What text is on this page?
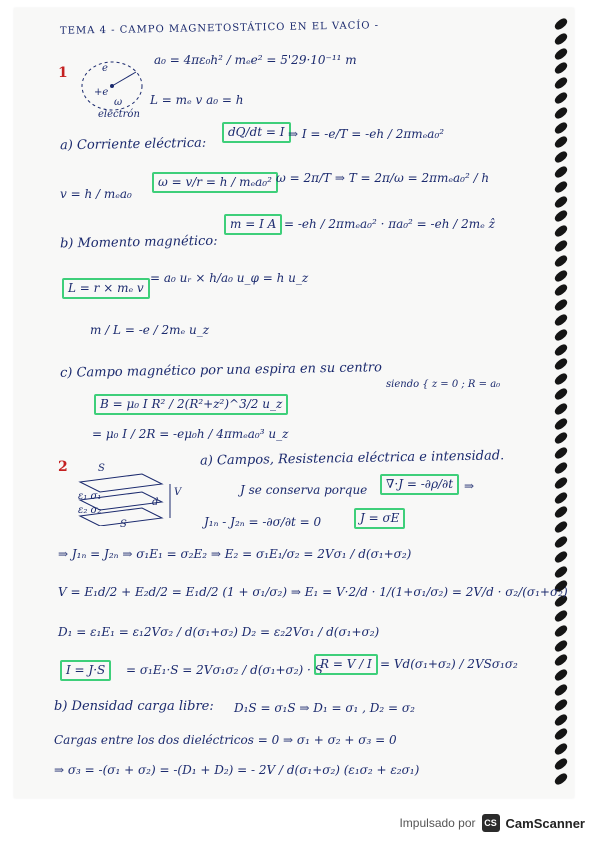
TEMA 4 - CAMPO MAGNETOSTÁTICO EN EL VACÍO -
1	e
+e
ω
electrón
a₀ = 4πε₀h² / mₑe² = 5'29·10⁻¹¹ m
L = mₑ v a₀ = h
a) Corriente eléctrica:
dQ/dt = I ⇒ I = -e/T = -eh / 2πmₑa₀²
v = h / mₑa₀
ω = v/r = h / mₑa₀² ω = 2π/T ⇒ T = 2π/ω = 2πmₑa₀² / h
b) Momento magnético:
m = I A = -eh / 2πmₑa₀² · πa₀² = -eh / 2mₑ ẑ
L = r × mₑ v
= a₀ uᵣ × h/a₀ u_φ = h u_z
m / L = -e / 2mₑ u_z
c) Campo magnético por una espira en su centro
B = μ₀ I R² / 2(R²+z²)^3/2 u_z
= μ₀ I / 2R = -eμ₀h / 4πmₑa₀³ u_z
siendo { z = 0 ; R = a₀
2	S
ε₁ σ₁
ε₂ σ₂
d
V
S
a) Campos, Resistencia eléctrica e intensidad.
J se conserva porque	∇·J = -∂ρ/∂t ⇒
J₁ₙ - J₂ₙ = -∂σ/∂t = 0	J = σE
⇒ J₁ₙ = J₂ₙ ⇒ σ₁E₁ = σ₂E₂ ⇒ E₂ = σ₁E₁/σ₂ = 2Vσ₁ / d(σ₁+σ₂)
V = E₁d/2 + E₂d/2 = E₁d/2 (1 + σ₁/σ₂) ⇒ E₁ = V·2/d · 1/(1+σ₁/σ₂) = 2V/d · σ₂/(σ₁+σ₂)
D₁ = ε₁E₁ = ε₁2Vσ₂ / d(σ₁+σ₂) D₂ = ε₂2Vσ₁ / d(σ₁+σ₂)
I = J·S	= σ₁E₁·S = 2Vσ₁σ₂ / d(σ₁+σ₂) · S
R = V / I = Vd(σ₁+σ₂) / 2VSσ₁σ₂
b) Densidad carga libre: D₁S = σ₁S ⇒ D₁ = σ₁ , D₂ = σ₂
Cargas entre los dos dieléctricos = 0 ⇒ σ₁ + σ₂ + σ₃ = 0
⇒ σ₃ = -(σ₁ + σ₂) = -(D₁ + D₂) = - 2V / d(σ₁+σ₂) (ε₁σ₂ + ε₂σ₁)
Impulsado por CS CamScanner
